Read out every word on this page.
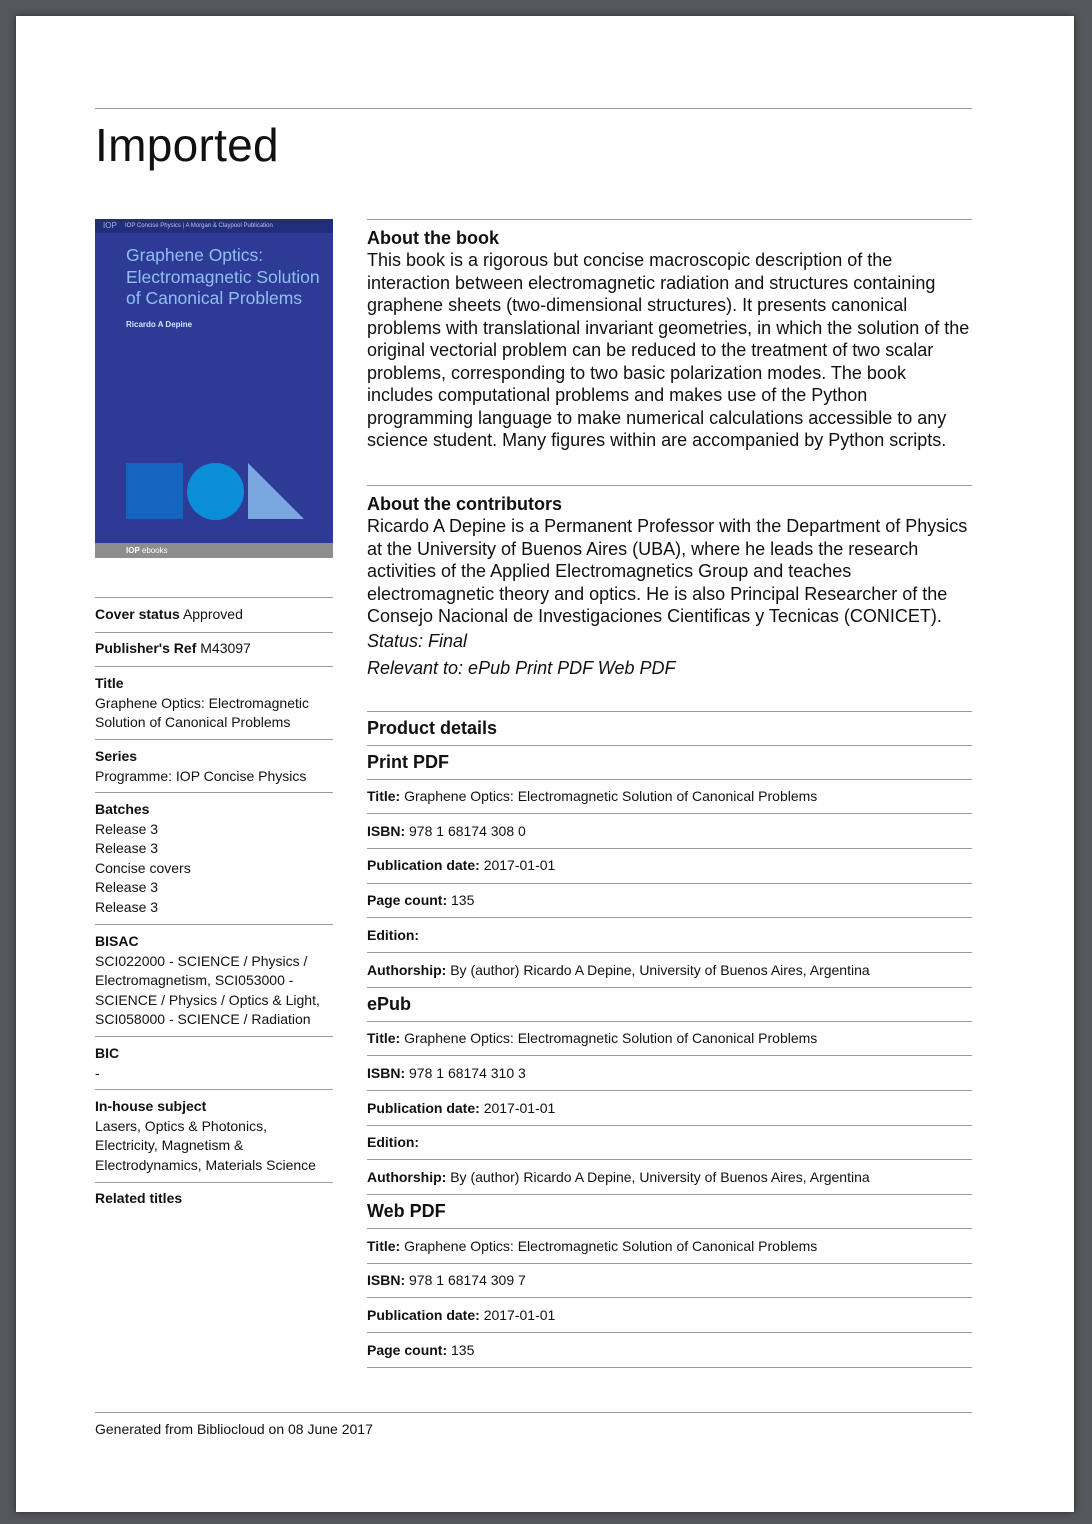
Imported
IOP IOP Concise Physics | A Morgan & Claypool Publication
Graphene Optics: Electromagnetic Solution of Canonical Problems
Ricardo A Depine
IOP ebooks
Cover status Approved
Publisher's Ref M43097
Title
Graphene Optics: Electromagnetic Solution of Canonical Problems
Series
Programme: IOP Concise Physics
Batches
Release 3
Release 3
Concise covers
Release 3
Release 3
BISAC
SCI022000 - SCIENCE / Physics / Electromagnetism, SCI053000 - SCIENCE / Physics / Optics & Light, SCI058000 - SCIENCE / Radiation
BIC
-
In-house subject
Lasers, Optics & Photonics, Electricity, Magnetism & Electrodynamics, Materials Science
Related titles
About the book
This book is a rigorous but concise macroscopic description of the interaction between electromagnetic radiation and structures containing graphene sheets (two-dimensional structures). It presents canonical problems with translational invariant geometries, in which the solution of the original vectorial problem can be reduced to the treatment of two scalar problems, corresponding to two basic polarization modes. The book includes computational problems and makes use of the Python programming language to make numerical calculations accessible to any science student. Many figures within are accompanied by Python scripts.
About the contributors
Ricardo A Depine is a Permanent Professor with the Department of Physics at the University of Buenos Aires (UBA), where he leads the research activities of the Applied Electromagnetics Group and teaches electromagnetic theory and optics. He is also Principal Researcher of the Consejo Nacional de Investigaciones Cientificas y Tecnicas (CONICET).
Status: Final
Relevant to: ePub Print PDF Web PDF
Product details
Print PDF
Title: Graphene Optics: Electromagnetic Solution of Canonical Problems
ISBN: 978 1 68174 308 0
Publication date: 2017-01-01
Page count: 135
Edition:
Authorship: By (author) Ricardo A Depine, University of Buenos Aires, Argentina
ePub
Title: Graphene Optics: Electromagnetic Solution of Canonical Problems
ISBN: 978 1 68174 310 3
Publication date: 2017-01-01
Edition:
Authorship: By (author) Ricardo A Depine, University of Buenos Aires, Argentina
Web PDF
Title: Graphene Optics: Electromagnetic Solution of Canonical Problems
ISBN: 978 1 68174 309 7
Publication date: 2017-01-01
Page count: 135
Generated from Bibliocloud on 08 June 2017
